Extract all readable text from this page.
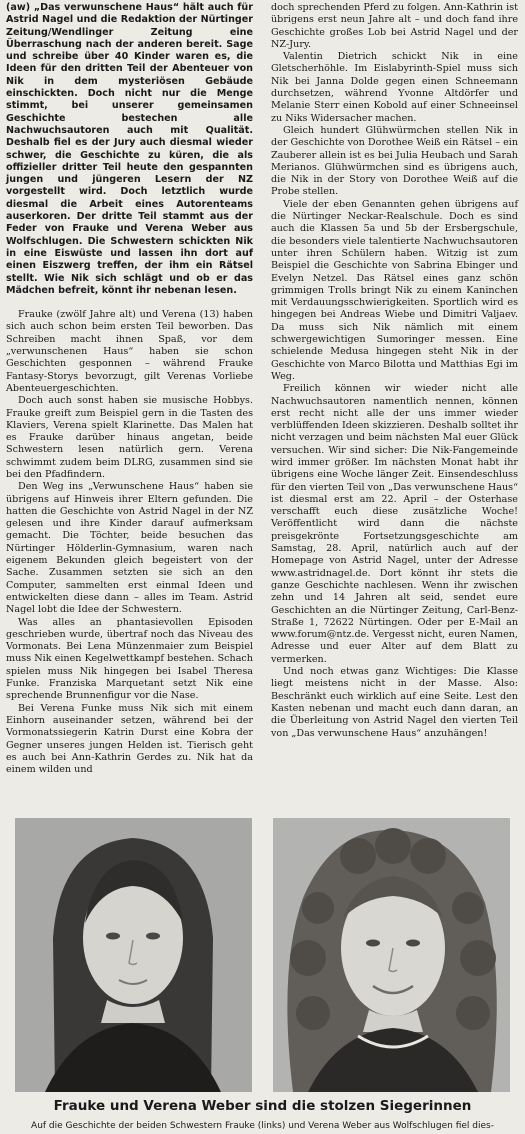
(aw) „Das verwunschene Haus“ hält auch für Astrid Nagel und die Redaktion der Nürtinger Zeitung/Wendlinger Zeitung eine Überraschung nach der anderen bereit. Sage und schreibe über 40 Kinder waren es, die Ideen für den dritten Teil der Abenteuer von Nik in dem mysteriösen Gebäude einschickten. Doch nicht nur die Menge stimmt, bei unserer gemeinsamen Geschichte bestechen alle Nachwuchsautoren auch mit Qualität. Deshalb fiel es der Jury auch diesmal wieder schwer, die Geschichte zu küren, die als offizieller dritter Teil heute den gespannten jungen und jüngeren Lesern der NZ vorgestellt wird. Doch letztlich wurde diesmal die Arbeit eines Autorenteams auserkoren. Der dritte Teil stammt aus der Feder von Frauke und Verena Weber aus Wolfschlugen. Die Schwestern schickten Nik in eine Eiswüste und lassen ihn dort auf einen Eiszwerg treffen, der ihm ein Rätsel stellt. Wie Nik sich schlägt und ob er das Mädchen befreit, könnt ihr nebenan lesen.

Frauke (zwölf Jahre alt) und Verena (13) haben sich auch schon beim ersten Teil beworben. Das Schreiben macht ihnen Spaß, vor dem „verwunschenen Haus“ haben sie schon Geschichten gesponnen – während Frauke Fantasy-Storys bevorzugt, gilt Verenas Vorliebe Abenteuergeschichten.

Doch auch sonst haben sie musische Hobbys. Frauke greift zum Beispiel gern in die Tasten des Klaviers, Verena spielt Klarinette. Das Malen hat es Frauke darüber hinaus angetan, beide Schwestern lesen natürlich gern. Verena schwimmt zudem beim DLRG, zusammen sind sie bei den Pfadfindern.

Den Weg ins „Verwunschene Haus“ haben sie übrigens auf Hinweis ihrer Eltern gefunden. Die hatten die Geschichte von Astrid Nagel in der NZ gelesen und ihre Kinder darauf aufmerksam gemacht. Die Töchter, beide besuchen das Nürtinger Hölderlin-Gymnasium, waren nach eigenem Bekunden gleich begeistert von der Sache. Zusammen setzten sie sich an den Computer, sammelten erst einmal Ideen und entwickelten diese dann – alles im Team. Astrid Nagel lobt die Idee der Schwestern.

Was alles an phantasievollen Episoden geschrieben wurde, übertraf noch das Niveau des Vormonats. Bei Lena Münzenmaier zum Beispiel muss Nik einen Kegelwettkampf bestehen. Schach spielen muss Nik hingegen bei Isabel Theresa Funke. Franziska Marquetant setzt Nik eine sprechende Brunnenfigur vor die Nase.

Bei Verena Funke muss Nik sich mit einem Einhorn auseinander setzen, während bei der Vormonatssiegerin Katrin Durst eine Kobra der Gegner unseres jungen Helden ist. Tierisch geht es auch bei Ann-Kathrin Gerdes zu. Nik hat da einem wilden und

doch sprechenden Pferd zu folgen. Ann-Kathrin ist übrigens erst neun Jahre alt – und doch fand ihre Geschichte großes Lob bei Astrid Nagel und der NZ-Jury.

Valentin Dietrich schickt Nik in eine Gletscherhöhle. Im Eislabyrinth-Spiel muss sich Nik bei Janna Dolde gegen einen Schneemann durchsetzen, während Yvonne Altdörfer und Melanie Sterr einen Kobold auf einer Schneeinsel zu Niks Widersacher machen.

Gleich hundert Glühwürmchen stellen Nik in der Geschichte von Dorothee Weiß ein Rätsel – ein Zauberer allein ist es bei Julia Heubach und Sarah Merianos. Glühwürmchen sind es übrigens auch, die Nik in der Story von Dorothee Weiß auf die Probe stellen.

Viele der eben Genannten gehen übrigens auf die Nürtinger Neckar-Realschule. Doch es sind auch die Klassen 5a und 5b der Ersbergschule, die besonders viele talentierte Nachwuchsautoren unter ihren Schülern haben. Witzig ist zum Beispiel die Geschichte von Sabrina Ebinger und Evelyn Netzel. Das Rätsel eines ganz schön grimmigen Trolls bringt Nik zu einem Kaninchen mit Verdauungsschwierigkeiten. Sportlich wird es hingegen bei Andreas Wiebe und Dimitri Valjaev. Da muss sich Nik nämlich mit einem schwergewichtigen Sumoringer messen. Eine schielende Medusa hingegen steht Nik in der Geschichte von Marco Bilotta und Matthias Egi im Weg.

Freilich können wir wieder nicht alle Nachwuchsautoren namentlich nennen, können erst recht nicht alle der uns immer wieder verblüffenden Ideen skizzieren. Deshalb solltet ihr nicht verzagen und beim nächsten Mal euer Glück versuchen. Wir sind sicher: Die Nik-Fangemeinde wird immer größer. Im nächsten Monat habt ihr übrigens eine Woche länger Zeit. Einsendeschluss für den vierten Teil von „Das verwunschene Haus“ ist diesmal erst am 22. April – der Osterhase verschafft euch diese zusätzliche Woche! Veröffentlicht wird dann die nächste preisgekrönte Fortsetzungsgeschichte am Samstag, 28. April, natürlich auch auf der Homepage von Astrid Nagel, unter der Adresse www.astridnagel.de. Dort könnt ihr stets die ganze Geschichte nachlesen. Wenn ihr zwischen zehn und 14 Jahren alt seid, sendet eure Geschichten an die Nürtinger Zeitung, Carl-Benz-Straße 1, 72622 Nürtingen. Oder per E-Mail an www.forum@ntz.de. Vergesst nicht, euren Namen, Adresse und euer Alter auf dem Blatt zu vermerken.

Und noch etwas ganz Wichtiges: Die Klasse liegt meistens nicht in der Masse. Also: Beschränkt euch wirklich auf eine Seite. Lest den Kasten nebenan und macht euch dann daran, an die Überleitung von Astrid Nagel den vierten Teil von „Das verwunschene Haus“ anzuhängen!

Frauke und Verena Weber sind die stolzen Siegerinnen
Auf die Geschichte der beiden Schwestern Frauke (links) und Verena Weber aus Wolfschlugen fiel dies-
